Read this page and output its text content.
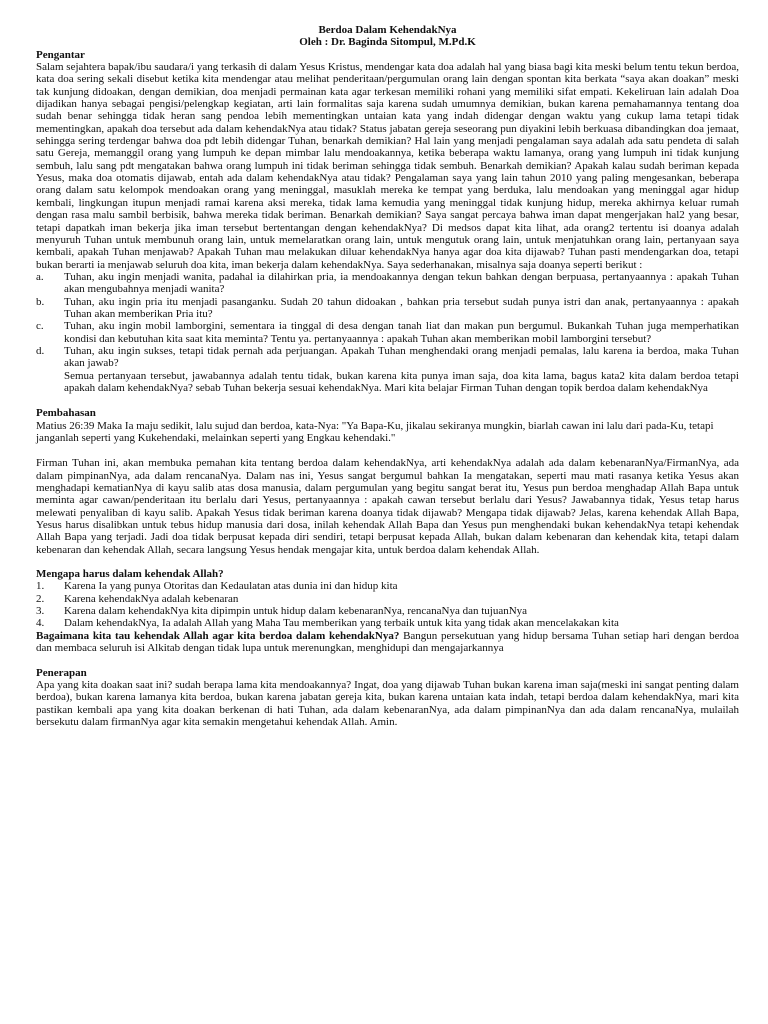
Berdoa Dalam KehendakNya
Oleh : Dr. Baginda Sitompul, M.Pd.K
Pengantar

Salam sejahtera bapak/ibu saudara/i yang terkasih di dalam Yesus Kristus, mendengar kata doa adalah hal yang biasa bagi kita meski belum tentu tekun berdoa, kata doa sering sekali disebut ketika kita mendengar atau melihat penderitaan/pergumulan orang lain dengan spontan kita berkata “saya akan doakan” meski tak kunjung didoakan, dengan demikian, doa menjadi permainan kata agar terkesan memiliki rohani yang memiliki sifat empati. Kekeliruan lain adalah Doa dijadikan hanya sebagai pengisi/pelengkap kegiatan, arti lain formalitas saja karena sudah umumnya demikian, bukan karena pemahamannya tentang doa sudah benar sehingga tidak heran sang pendoa lebih mementingkan untaian kata yang indah didengar dengan waktu yang cukup lama tetapi tidak mementingkan, apakah doa tersebut ada dalam kehendakNya atau tidak? Status jabatan gereja seseorang pun diyakini lebih berkuasa dibandingkan doa jemaat, sehingga sering terdengar bahwa doa pdt lebih didengar Tuhan, benarkah demikian? Hal lain yang menjadi pengalaman saya adalah ada satu pendeta di salah satu Gereja, memanggil orang yang lumpuh ke depan mimbar lalu mendoakannya, ketika beberapa waktu lamanya, orang yang lumpuh ini tidak kunjung sembuh, lalu sang pdt mengatakan bahwa orang lumpuh ini tidak beriman sehingga tidak sembuh. Benarkah demikian? Apakah kalau sudah beriman kepada Yesus, maka doa otomatis dijawab, entah ada dalam kehendakNya atau tidak? Pengalaman saya yang lain tahun 2010 yang paling mengesankan, beberapa orang dalam satu kelompok mendoakan orang yang meninggal, masuklah mereka ke tempat yang berduka, lalu mendoakan yang meninggal agar hidup kembali, lingkungan itupun menjadi ramai karena aksi mereka, tidak lama kemudia yang meninggal tidak kunjung hidup, mereka akhirnya keluar rumah dengan rasa malu sambil berbisik, bahwa mereka tidak beriman. Benarkah demikian? Saya sangat percaya bahwa iman dapat mengerjakan hal2 yang besar, tetapi dapatkah iman bekerja jika iman tersebut bertentangan dengan kehendakNya? Di medsos dapat kita lihat, ada orang2 tertentu isi doanya adalah menyuruh Tuhan untuk membunuh orang lain, untuk memelaratkan orang lain, untuk mengutuk orang lain, untuk menjatuhkan orang lain, pertanyaan saya kembali, apakah Tuhan menjawab? Apakah Tuhan mau melakukan diluar kehendakNya hanya agar doa kita dijawab? Tuhan pasti mendengarkan doa, tetapi bukan berarti ia menjawab seluruh doa kita, iman bekerja dalam kehendakNya. Saya sederhanakan, misalnya saja doanya seperti berikut :

a. Tuhan, aku ingin menjadi wanita, padahal ia dilahirkan pria, ia mendoakannya dengan tekun bahkan dengan berpuasa, pertanyaannya : apakah Tuhan akan mengubahnya menjadi wanita?
b. Tuhan, aku ingin pria itu menjadi pasanganku. Sudah 20 tahun didoakan , bahkan pria tersebut sudah punya istri dan anak, pertanyaannya : apakah Tuhan akan memberikan Pria itu?
c. Tuhan, aku ingin mobil lamborgini, sementara ia tinggal di desa dengan tanah liat dan makan pun bergumul. Bukankah Tuhan juga memperhatikan kondisi dan kebutuhan kita saat kita meminta? Tentu ya. pertanyaannya : apakah Tuhan akan memberikan mobil lamborgini tersebut?
d. Tuhan, aku ingin sukses, tetapi tidak pernah ada perjuangan. Apakah Tuhan menghendaki orang menjadi pemalas, lalu karena ia berdoa, maka Tuhan akan jawab?

Semua pertanyaan tersebut, jawabannya adalah tentu tidak, bukan karena kita punya iman saja, doa kita lama, bagus kata2 kita dalam berdoa tetapi apakah dalam kehendakNya? sebab Tuhan bekerja sesuai kehendakNya. Mari kita belajar Firman Tuhan dengan topik berdoa dalam kehendakNya

Pembahasan

Matius 26:39 Maka Ia maju sedikit, lalu sujud dan berdoa, kata-Nya: "Ya Bapa-Ku, jikalau sekiranya mungkin, biarlah cawan ini lalu dari pada-Ku, tetapi janganlah seperti yang Kukehendaki, melainkan seperti yang Engkau kehendaki."

Firman Tuhan ini, akan membuka pemahan kita tentang berdoa dalam kehendakNya, arti kehendakNya adalah ada dalam kebenaranNya/FirmanNya, ada dalam pimpinanNya, ada dalam rencanaNya. Dalam nas ini, Yesus sangat bergumul bahkan Ia mengatakan, seperti mau mati rasanya ketika Yesus akan menghadapi kematianNya di kayu salib atas dosa manusia, dalam pergumulan yang begitu sangat berat itu, Yesus pun berdoa menghadap Allah Bapa untuk meminta agar cawan/penderitaan itu berlalu dari Yesus, pertanyaannya : apakah cawan tersebut berlalu dari Yesus? Jawabannya tidak, Yesus tetap harus melewati penyaliban di kayu salib. Apakah Yesus tidak beriman karena doanya tidak dijawab? Mengapa tidak dijawab? Jelas, karena kehendak Allah Bapa, Yesus harus disalibkan untuk tebus hidup manusia dari dosa, inilah kehendak Allah Bapa dan Yesus pun menghendaki bukan kehendakNya tetapi kehendak Allah Bapa yang terjadi. Jadi doa tidak berpusat kepada diri sendiri, tetapi berpusat kepada Allah, bukan dalam kebenaran dan kehendak kita, tetapi dalam kebenaran dan kehendak Allah, secara langsung Yesus hendak mengajar kita, untuk berdoa dalam kehendak Allah.

Mengapa harus dalam kehendak Allah?
1. Karena Ia yang punya Otoritas dan Kedaulatan atas dunia ini dan hidup kita
2. Karena kehendakNya adalah kebenaran
3. Karena dalam kehendakNya kita dipimpin untuk hidup dalam kebenaranNya, rencanaNya dan tujuanNya
4. Dalam kehendakNya, Ia adalah Allah yang Maha Tau memberikan yang terbaik untuk kita yang tidak akan mencelakakan kita

Bagaimana kita tau kehendak Allah agar kita berdoa dalam kehendakNya? Bangun persekutuan yang hidup bersama Tuhan setiap hari dengan berdoa dan membaca seluruh isi Alkitab dengan tidak lupa untuk merenungkan, menghidupi dan mengajarkannya

Penerapan

Apa yang kita doakan saat ini? sudah berapa lama kita mendoakannya? Ingat, doa yang dijawab Tuhan bukan karena iman saja(meski ini sangat penting dalam berdoa), bukan karena lamanya kita berdoa, bukan karena jabatan gereja kita, bukan karena untaian kata indah, tetapi berdoa dalam kehendakNya, mari kita pastikan kembali apa yang kita doakan berkenan di hati Tuhan, ada dalam kebenaranNya, ada dalam pimpinanNya dan ada dalam rencanaNya, mulailah bersekutu dalam firmanNya agar kita semakin mengetahui kehendak Allah. Amin.
